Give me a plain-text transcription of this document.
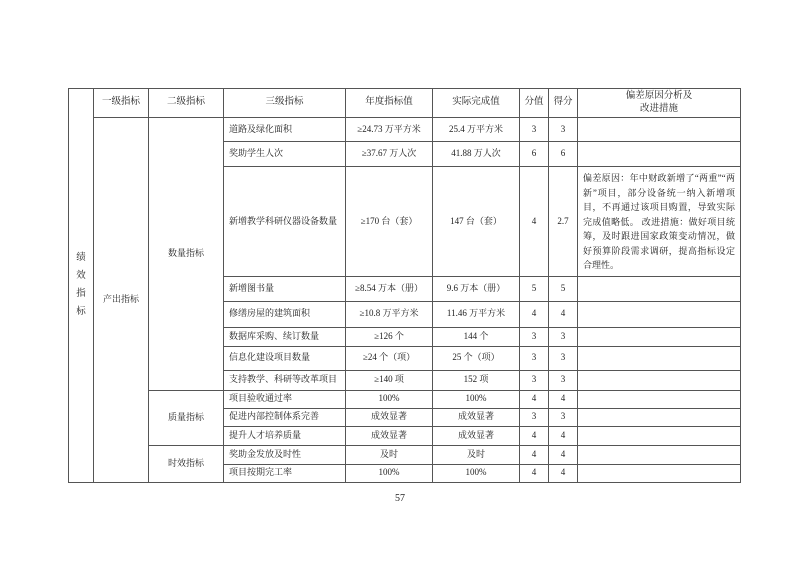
绩效指标	一级指标	二级指标	三级指标	年度指标值	实际完成值	分值	得分	偏差原因分析及
改进措施

	产出指标	数量指标	道路及绿化面积	≥24.73 万平方米	25.4 万平方米	3	3	
			奖助学生人次	≥37.67 万人次	41.88 万人次	6	6	
			新增教学科研仪器设备数量	≥170 台（套）	147 台（套）	4	2.7	偏差原因：年中财政新增了“两重”“两新”项目，部分设备统一纳入新增项目，不再通过该项目购置，导致实际完成值略低。 改进措施：做好项目统筹，及时跟进国家政策变动情况，做好预算阶段需求调研，提高指标设定合理性。
			新增图书量	≥8.54 万本（册）	9.6 万本（册）	5	5	
			修缮房屋的建筑面积	≥10.8 万平方米	11.46 万平方米	4	4	
			数据库采购、续订数量	≥126 个	144 个	3	3	
			信息化建设项目数量	≥24 个（项）	25 个（项）	3	3	
			支持教学、科研等改革项目	≥140 项	152 项	3	3	
		质量指标	项目验收通过率	100%	100%	4	4	
			促进内部控制体系完善	成效显著	成效显著	3	3	
			提升人才培养质量	成效显著	成效显著	4	4	
		时效指标	奖助金发放及时性	及时	及时	4	4	
			项目按期完工率	100%	100%	4	4	
57
